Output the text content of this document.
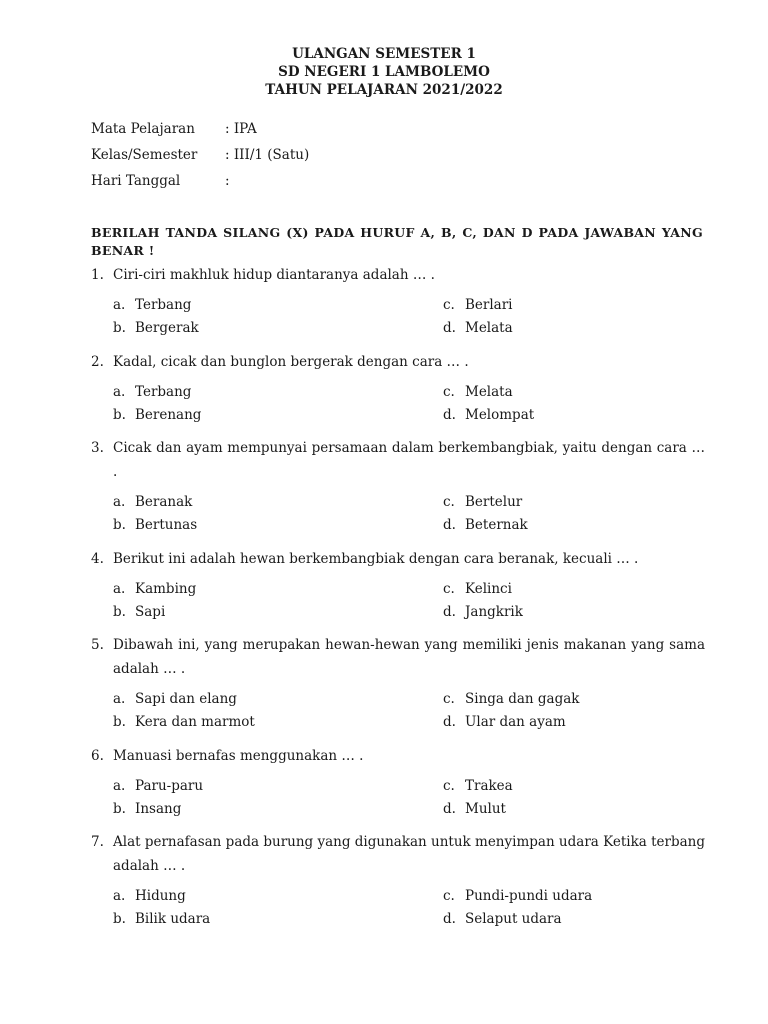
ULANGAN SEMESTER 1
SD NEGERI 1 LAMBOLEMO
TAHUN PELAJARAN 2021/2022
Mata Pelajaran : IPA
Kelas/Semester : III/1 (Satu)
Hari Tanggal	:
BERILAH TANDA SILANG (X) PADA HURUF A, B, C, DAN D PADA JAWABAN YANG BENAR !
1. Ciri-ciri makhluk hidup diantaranya adalah … .
a. Terbang
b. Bergerak
c. Berlari
d. Melata
2. Kadal, cicak dan bunglon bergerak dengan cara … .
a. Terbang
b. Berenang
c. Melata
d. Melompat
3. Cicak dan ayam mempunyai persamaan dalam berkembangbiak, yaitu dengan cara … .
a. Beranak
b. Bertunas
c. Bertelur
d. Beternak
4. Berikut ini adalah hewan berkembangbiak dengan cara beranak, kecuali … .
a. Kambing
b. Sapi
c. Kelinci
d. Jangkrik
5. Dibawah ini, yang merupakan hewan-hewan yang memiliki jenis makanan yang sama adalah … .
a. Sapi dan elang
b. Kera dan marmot
c. Singa dan gagak
d. Ular dan ayam
6. Manuasi bernafas menggunakan … .
a. Paru-paru
b. Insang
c. Trakea
d. Mulut
7. Alat pernafasan pada burung yang digunakan untuk menyimpan udara Ketika terbang adalah … .
a. Hidung
b. Bilik udara
c. Pundi-pundi udara
d. Selaput udara
